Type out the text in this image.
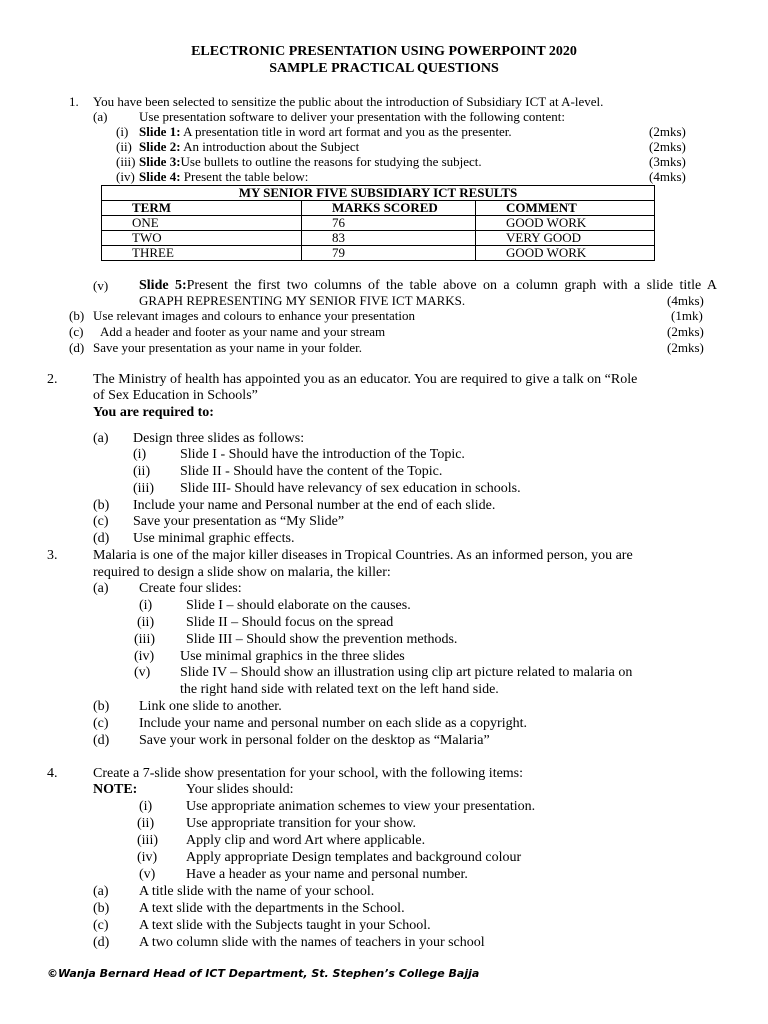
ELECTRONIC PRESENTATION USING POWERPOINT 2020
SAMPLE PRACTICAL QUESTIONS
1. You have been selected to sensitize the public about the introduction of Subsidiary ICT at A-level.
(a) Use presentation software to deliver your presentation with the following content:
(i) Slide 1: A presentation title in word art format and you as the presenter.	(2mks)
(ii) Slide 2: An introduction about the Subject	(2mks)
(iii) Slide 3:Use bullets to outline the reasons for studying the subject.	(3mks)
(iv) Slide 4: Present the table below:	(4mks)
MY SENIOR FIVE SUBSIDIARY ICT RESULTS		
TERM	MARKS SCORED	COMMENT
ONE	76	GOOD WORK
TWO	83	VERY GOOD
THREE	79	GOOD WORK
(v) Slide 5:Present the first two columns of the table above on a column graph with a slide title A
GRAPH REPRESENTING MY SENIOR FIVE ICT MARKS.	(4mks)
(b) Use relevant images and colours to enhance your presentation	(1mk)
(c) Add a header and footer as your name and your stream	(2mks)
(d) Save your presentation as your name in your folder.	(2mks)
2.	The Ministry of health has appointed you as an educator. You are required to give a talk on “Role
of Sex Education in Schools”
You are required to:
(a) Design three slides as follows:
(i) Slide I - Should have the introduction of the Topic.
(ii) Slide II - Should have the content of the Topic.
(iii) Slide III- Should have relevancy of sex education in schools.
(b) Include your name and Personal number at the end of each slide.
(c) Save your presentation as “My Slide”
(d) Use minimal graphic effects.
3.	Malaria is one of the major killer diseases in Tropical Countries. As an informed person, you are
required to design a slide show on malaria, the killer:
(a) Create four slides:
(i) Slide I – should elaborate on the causes.
(ii) Slide II – Should focus on the spread
(iii) Slide III – Should show the prevention methods.
(iv) Use minimal graphics in the three slides
(v) Slide IV – Should show an illustration using clip art picture related to malaria on
the right hand side with related text on the left hand side.
(b) Link one slide to another.
(c) Include your name and personal number on each slide as a copyright.
(d) Save your work in personal folder on the desktop as “Malaria”
4.	Create a 7-slide show presentation for your school, with the following items:
NOTE:	Your slides should:
(i) Use appropriate animation schemes to view your presentation.
(ii) Use appropriate transition for your show.
(iii) Apply clip and word Art where applicable.
(iv) Apply appropriate Design templates and background colour
(v) Have a header as your name and personal number.
(a) A title slide with the name of your school.
(b) A text slide with the departments in the School.
(c) A text slide with the Subjects taught in your School.
(d) A two column slide with the names of teachers in your school
©Wanja Bernard Head of ICT Department, St. Stephen’s College Bajja
